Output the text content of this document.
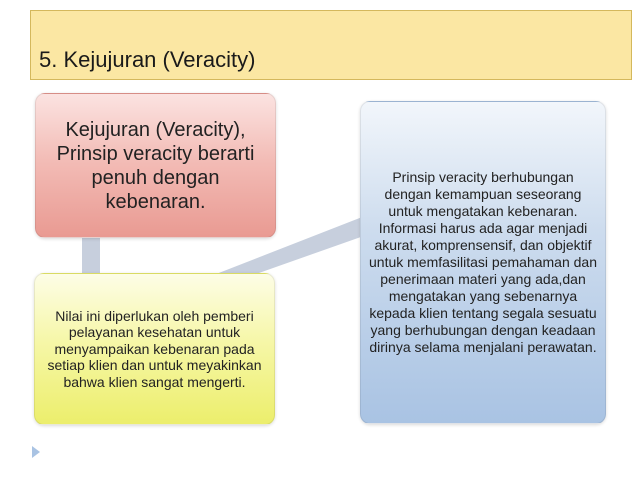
5. Kejujuran (Veracity)
Kejujuran (Veracity), Prinsip veracity berarti penuh dengan kebenaran.
Nilai ini diperlukan oleh pemberi pelayanan kesehatan untuk menyampaikan kebenaran pada setiap klien dan untuk meyakinkan bahwa klien sangat mengerti.
Prinsip veracity berhubungan dengan kemampuan seseorang untuk mengatakan kebenaran. Informasi harus ada agar menjadi akurat, komprensensif, dan objektif untuk memfasilitasi pemahaman dan penerimaan materi yang ada,dan mengatakan yang sebenarnya kepada klien tentang segala sesuatu yang berhubungan dengan keadaan dirinya selama menjalani perawatan.
